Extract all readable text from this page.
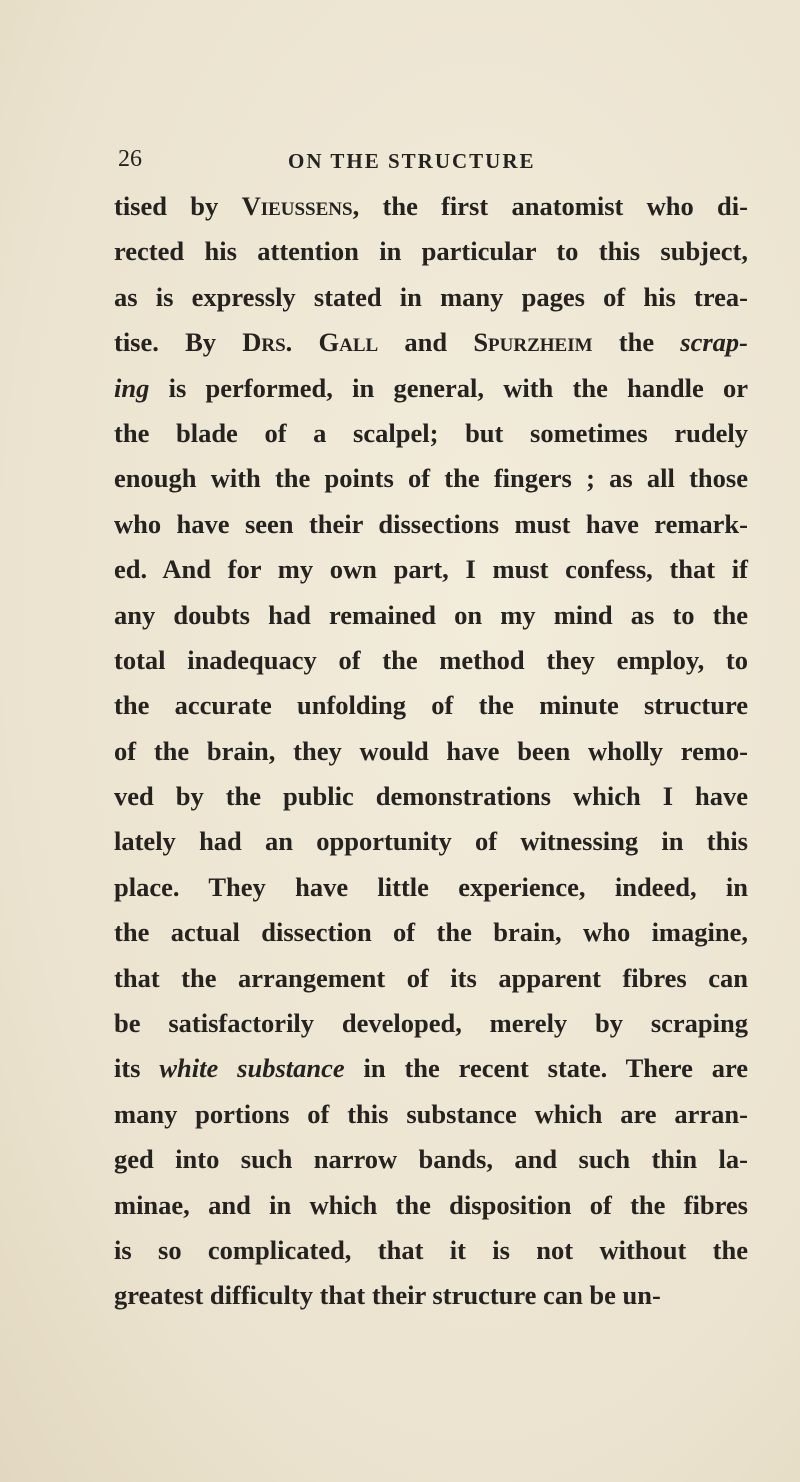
26	ON THE STRUCTURE
tised by Vieussens, the first anatomist who di-
rected his attention in particular to this subject,
as is expressly stated in many pages of his trea-
tise. By Drs. Gall and Spurzheim the scrap-
ing is performed, in general, with the handle or
the blade of a scalpel; but sometimes rudely
enough with the points of the fingers ; as all those
who have seen their dissections must have remark-
ed. And for my own part, I must confess, that if
any doubts had remained on my mind as to the
total inadequacy of the method they employ, to
the accurate unfolding of the minute structure
of the brain, they would have been wholly remo-
ved by the public demonstrations which I have
lately had an opportunity of witnessing in this
place. They have little experience, indeed, in
the actual dissection of the brain, who imagine,
that the arrangement of its apparent fibres can
be satisfactorily developed, merely by scraping
its white substance in the recent state. There are
many portions of this substance which are arran-
ged into such narrow bands, and such thin la-
minae, and in which the disposition of the fibres
is so complicated, that it is not without the
greatest difficulty that their structure can be un-
